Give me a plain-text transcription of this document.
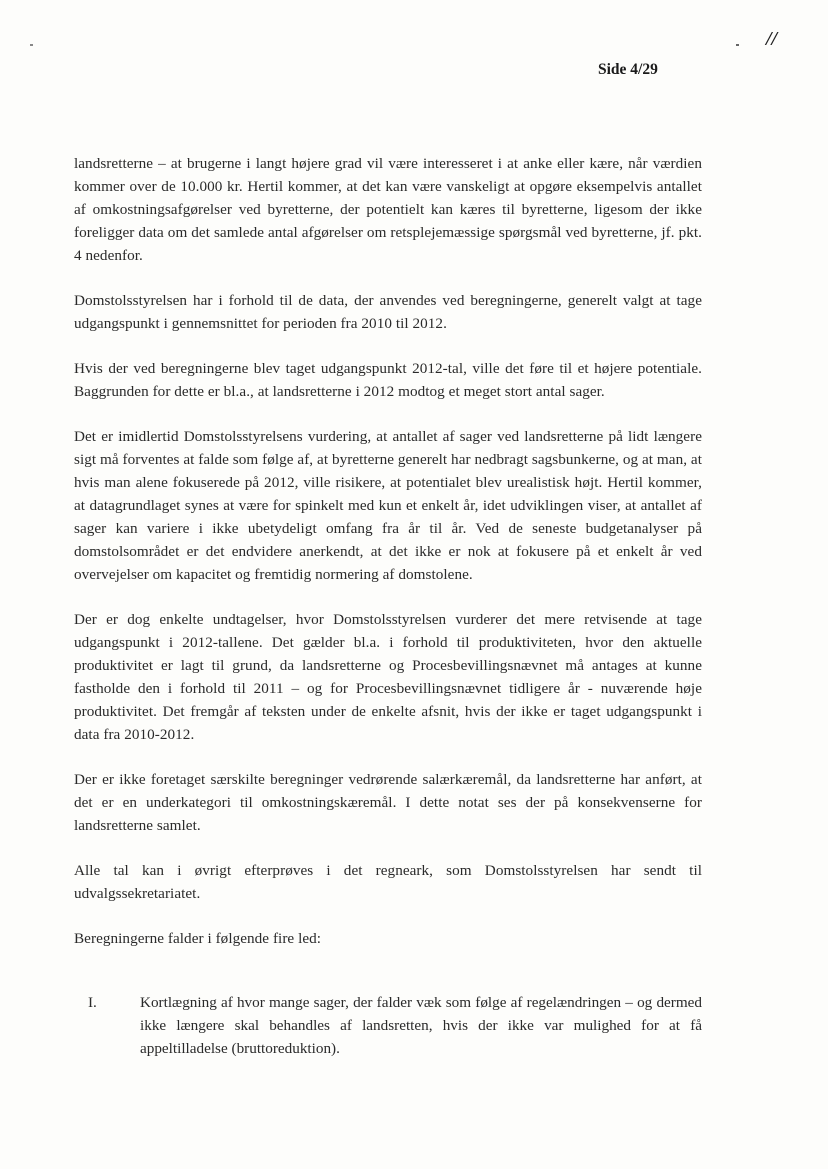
//
Side 4/29

landsretterne – at brugerne i langt højere grad vil være interesseret i at anke eller kære, når værdien kommer over de 10.000 kr. Hertil kommer, at det kan være vanskeligt at opgøre eksempelvis antallet af omkostningsafgørelser ved byretterne, der potentielt kan kæres til byretterne, ligesom der ikke foreligger data om det samlede antal afgørelser om retsplejemæssige spørgsmål ved byretterne, jf. pkt. 4 nedenfor.

Domstolsstyrelsen har i forhold til de data, der anvendes ved beregningerne, generelt valgt at tage udgangspunkt i gennemsnittet for perioden fra 2010 til 2012.

Hvis der ved beregningerne blev taget udgangspunkt 2012-tal, ville det føre til et højere potentiale. Baggrunden for dette er bl.a., at landsretterne i 2012 modtog et meget stort antal sager.

Det er imidlertid Domstolsstyrelsens vurdering, at antallet af sager ved landsretterne på lidt længere sigt må forventes at falde som følge af, at byretterne generelt har nedbragt sagsbunkerne, og at man, at hvis man alene fokuserede på 2012, ville risikere, at potentialet blev urealistisk højt. Hertil kommer, at datagrundlaget synes at være for spinkelt med kun et enkelt år, idet udviklingen viser, at antallet af sager kan variere i ikke ubetydeligt omfang fra år til år. Ved de seneste budgetanalyser på domstolsområdet er det endvidere anerkendt, at det ikke er nok at fokusere på et enkelt år ved overvejelser om kapacitet og fremtidig normering af domstolene.

Der er dog enkelte undtagelser, hvor Domstolsstyrelsen vurderer det mere retvisende at tage udgangspunkt i 2012-tallene. Det gælder bl.a. i forhold til produktiviteten, hvor den aktuelle produktivitet er lagt til grund, da landsretterne og Procesbevillingsnævnet må antages at kunne fastholde den i forhold til 2011 – og for Procesbevillingsnævnet tidligere år - nuværende høje produktivitet. Det fremgår af teksten under de enkelte afsnit, hvis der ikke er taget udgangspunkt i data fra 2010-2012.

Der er ikke foretaget særskilte beregninger vedrørende salærkæremål, da landsretterne har anført, at det er en underkategori til omkostningskæremål. I dette notat ses der på konsekvenserne for landsretterne samlet.

Alle tal kan i øvrigt efterprøves i det regneark, som Domstolsstyrelsen har sendt til udvalgssekretariatet.

Beregningerne falder i følgende fire led:

I.	Kortlægning af hvor mange sager, der falder væk som følge af regelændringen – og dermed ikke længere skal behandles af landsretten, hvis der ikke var mulighed for at få appeltilladelse (bruttoreduktion).
